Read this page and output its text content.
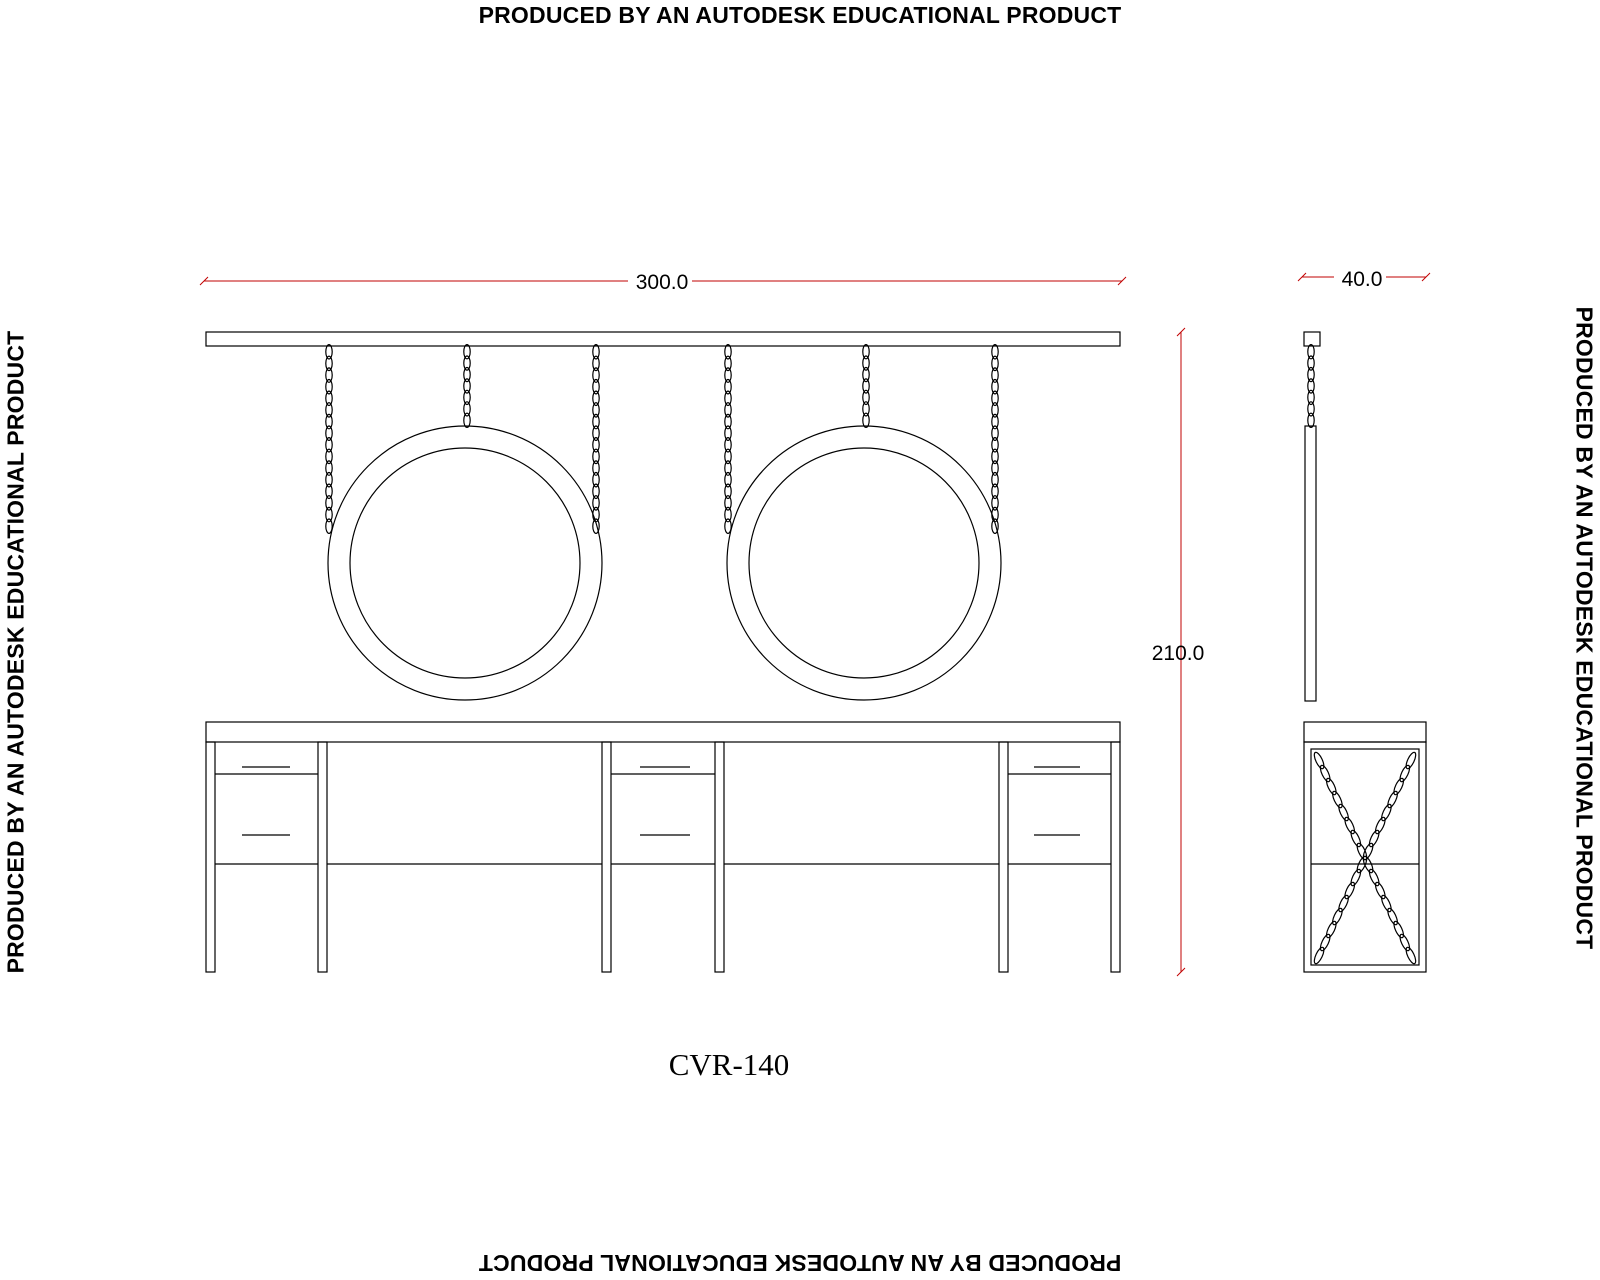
PRODUCED BY AN AUTODESK EDUCATIONAL PRODUCT
PRODUCED BY AN AUTODESK EDUCATIONAL PRODUCT
PRODUCED BY AN AUTODESK EDUCATIONAL PRODUCT	PRODUCED BY AN AUTODESK EDUCATIONAL PRODUCT
300.0	40.0
210.0
CVR-140
